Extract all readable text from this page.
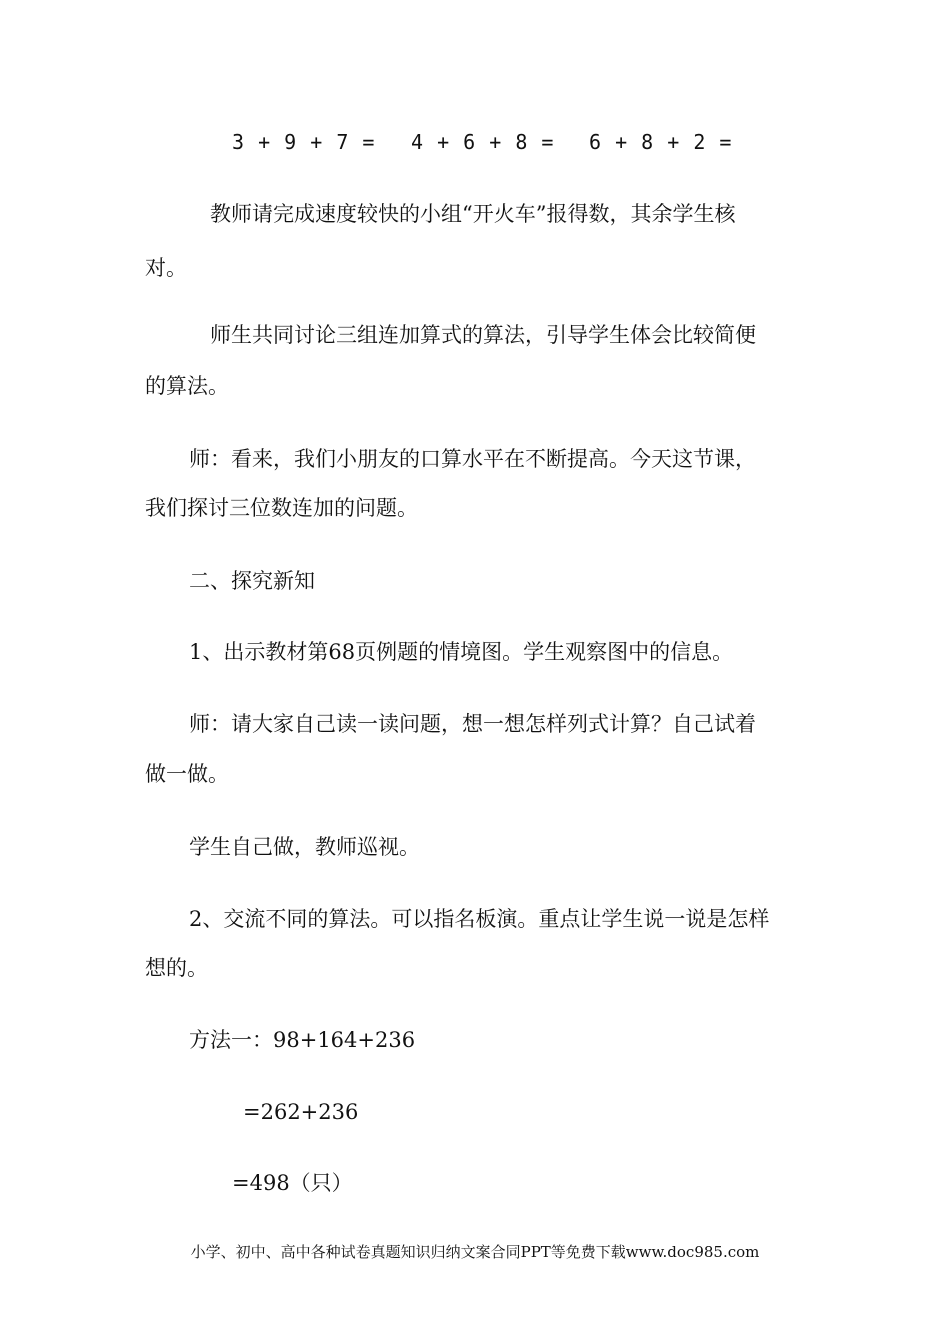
3 + 9 + 7 = 4 + 6 + 8 = 6 + 8 + 2 =
教师请完成速度较快的小组“开火车”报得数，其余学生核
对。
师生共同讨论三组连加算式的算法，引导学生体会比较简便
的算法。
师：看来，我们小朋友的口算水平在不断提高。今天这节课，
我们探讨三位数连加的问题。
二、探究新知
1、出示教材第68页例题的情境图。学生观察图中的信息。
师：请大家自己读一读问题，想一想怎样列式计算？自己试着
做一做。
学生自己做，教师巡视。
2、交流不同的算法。可以指名板演。重点让学生说一说是怎样
想的。
方法一：98+164+236
=262+236
=498（只）
小学、初中、高中各种试卷真题知识归纳文案合同PPT等免费下载www.doc985.com
